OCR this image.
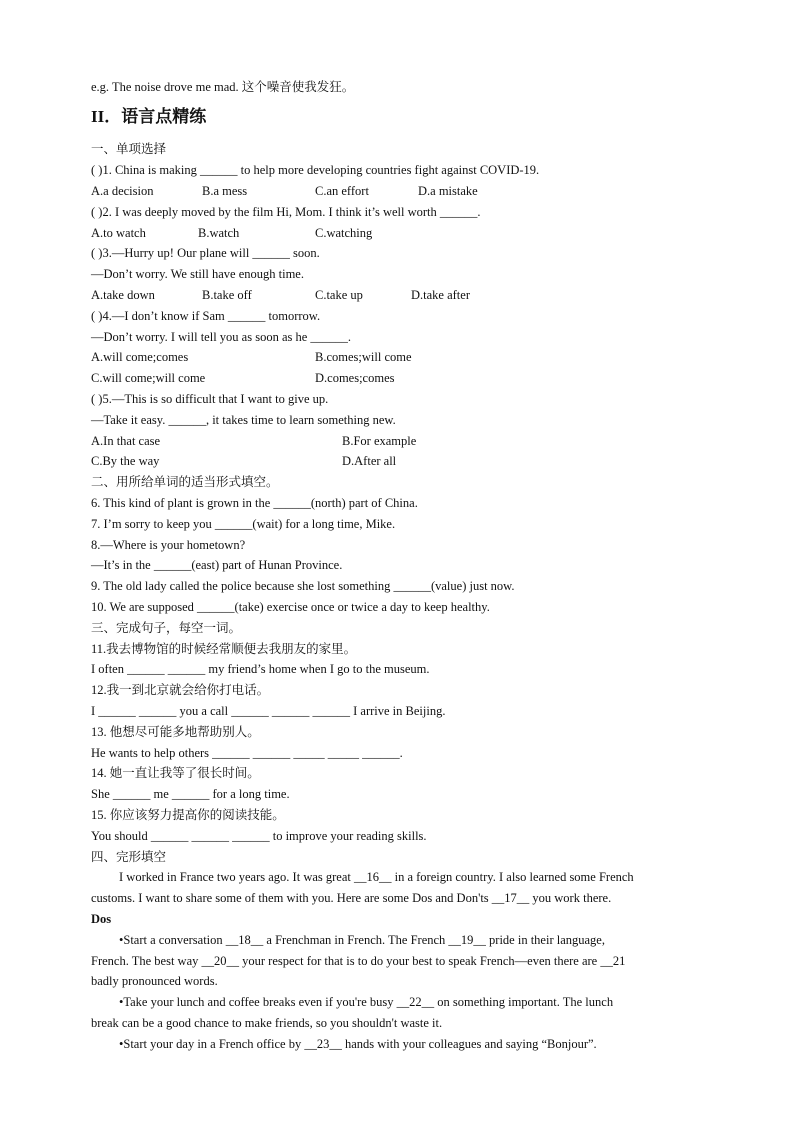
e.g. The noise drove me mad. 这个噪音使我发狂。
II．语言点精练
一、单项选择
( )1. China is making ______ to help more developing countries fight against COVID-19.
A.a decision	B.a mess	C.an effort	D.a mistake
( )2. I was deeply moved by the film Hi, Mom. I think it’s well worth ______.
A.to watch	B.watch	C.watching
( )3.—Hurry up! Our plane will ______ soon.
—Don’t worry. We still have enough time.
A.take down	B.take off	C.take up	D.take after
( )4.—I don’t know if Sam ______ tomorrow.
—Don’t worry. I will tell you as soon as he ______.
A.will come;comes	B.comes;will come
C.will come;will come	D.comes;comes
( )5.—This is so difficult that I want to give up.
—Take it easy. ______, it takes time to learn something new.
A.In that case	B.For example
C.By the way	D.After all
二、用所给单词的适当形式填空。
6. This kind of plant is grown in the ______(north) part of China.
7. I’m sorry to keep you ______(wait) for a long time, Mike.
8.—Where is your hometown?
—It’s in the ______(east) part of Hunan Province.
9. The old lady called the police because she lost something ______(value) just now.
10. We are supposed ______(take) exercise once or twice a day to keep healthy.
三、完成句子，每空一词。
11.我去博物馆的时候经常顺便去我朋友的家里。
I often ______ ______ my friend’s home when I go to the museum.
12.我一到北京就会给你打电话。
I ______ ______ you a call ______ ______ ______ I arrive in Beijing.
13. 他想尽可能多地帮助别人。
He wants to help others ______ ______ _____ _____ ______.
14. 她一直让我等了很长时间。
She ______ me ______ for a long time.
15. 你应该努力提高你的阅读技能。
You should ______ ______ ______ to improve your reading skills.
四、完形填空
I worked in France two years ago. It was great __16__ in a foreign country. I also learned some French
customs. I want to share some of them with you. Here are some Dos and Don'ts __17__ you work there.
Dos
•Start a conversation __18__ a Frenchman in French. The French __19__ pride in their language,
French. The best way __20__ your respect for that is to do your best to speak French—even there are __21
badly pronounced words.
•Take your lunch and coffee breaks even if you're busy __22__ on something important. The lunch
break can be a good chance to make friends, so you shouldn't waste it.
•Start your day in a French office by __23__ hands with your colleagues and saying “Bonjour”.
